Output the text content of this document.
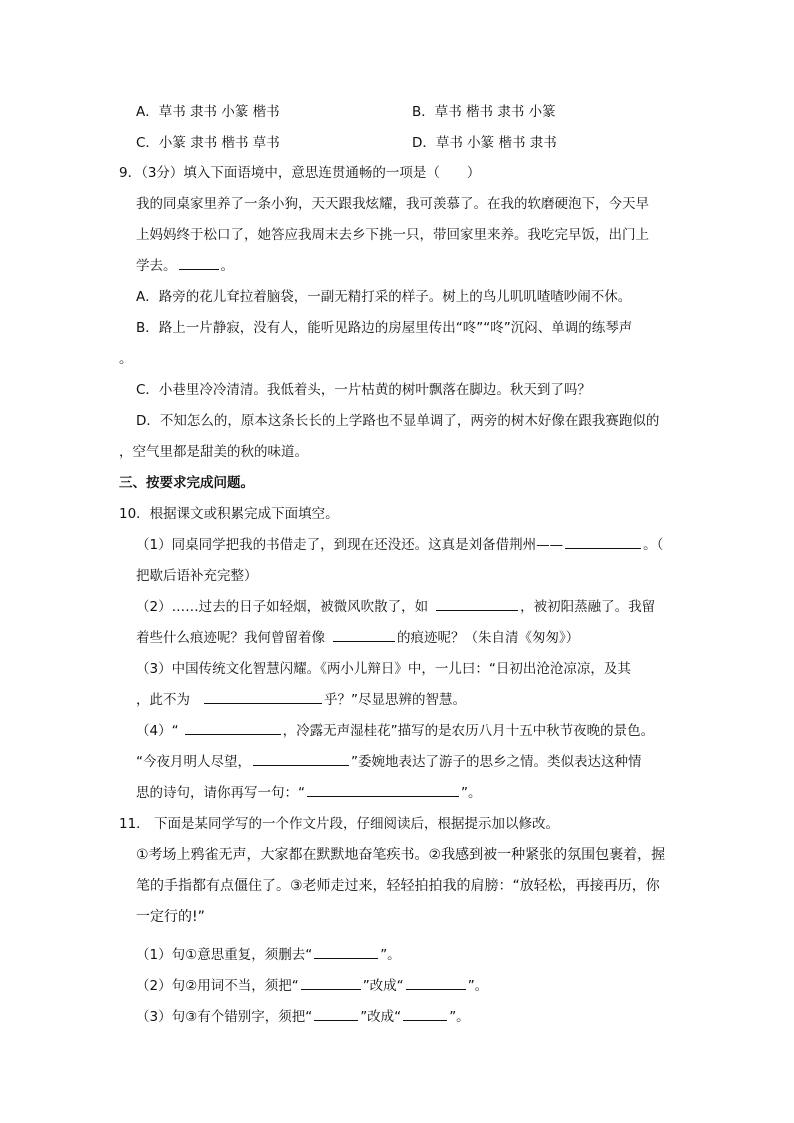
A．草书 隶书 小篆 楷书	B．草书 楷书 隶书 小篆
C．小篆 隶书 楷书 草书	D．草书 小篆 楷书 隶书
9．（3分）填入下面语境中，意思连贯通畅的一项是（　　）
我的同桌家里养了一条小狗，天天跟我炫耀，我可羡慕了。在我的软磨硬泡下，今天早
上妈妈终于松口了，她答应我周末去乡下挑一只，带回家里来养。我吃完早饭，出门上
学去。	。
A．路旁的花儿耷拉着脑袋，一副无精打采的样子。树上的鸟儿叽叽喳喳吵闹不休。
B．路上一片静寂，没有人，能听见路边的房屋里传出“咚”“咚”沉闷、单调的练琴声
。
C．小巷里冷冷清清。我低着头，一片枯黄的树叶飘落在脚边。秋天到了吗？
D．不知怎么的，原本这条长长的上学路也不显单调了，两旁的树木好像在跟我赛跑似的
，空气里都是甜美的秋的味道。
三、按要求完成问题。
10．根据课文或积累完成下面填空。
（1）同桌同学把我的书借走了，到现在还没还。这真是刘备借荆州——	。（
把歇后语补充完整）
（2）……过去的日子如轻烟，被微风吹散了，如	，被初阳蒸融了。我留
着些什么痕迹呢？我何曾留着像	的痕迹呢？（朱自清《匆匆》）
（3）中国传统文化智慧闪耀。《两小儿辩日》中，一儿曰：“日初出沧沧凉凉，及其
，此不为	乎？”尽显思辨的智慧。
（4）“	，冷露无声湿桂花”描写的是农历八月十五中秋节夜晚的景色。
“今夜月明人尽望，	”委婉地表达了游子的思乡之情。类似表达这种情
思的诗句，请你再写一句：“	”。
11． 下面是某同学写的一个作文片段，仔细阅读后，根据提示加以修改。
①考场上鸦雀无声，大家都在默默地奋笔疾书。②我感到被一种紧张的氛围包裹着，握
笔的手指都有点僵住了。③老师走过来，轻轻拍拍我的肩膀：“放轻松，再接再历，你
一定行的!”
（1）句①意思重复，须删去“	”。
（2）句②用词不当，须把“	”改成“	”。
（3）句③有个错别字，须把“	”改成“	”。
